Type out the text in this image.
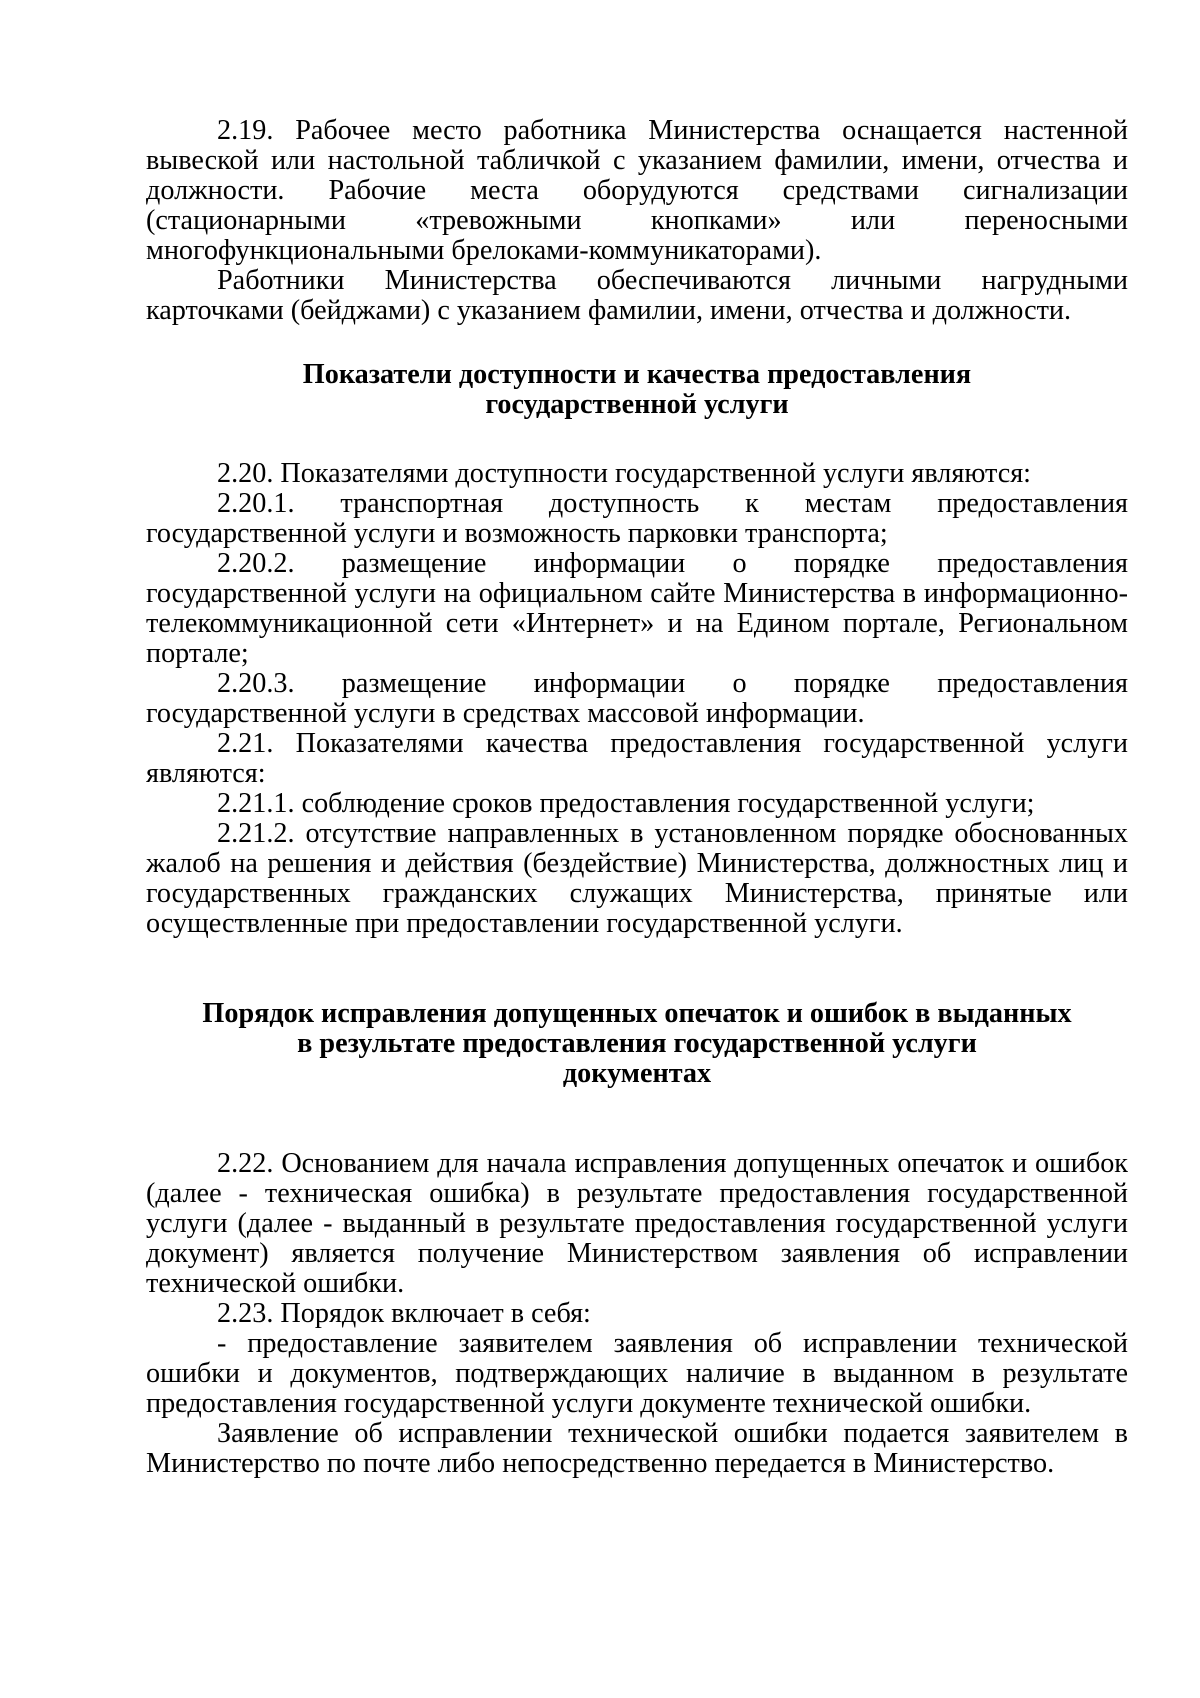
2.19. Рабочее место работника Министерства оснащается настенной вывеской или настольной табличкой с указанием фамилии, имени, отчества и должности. Рабочие места оборудуются средствами сигнализации (стационарными «тревожными кнопками» или переносными многофункциональными брелоками-коммуникаторами).

Работники Министерства обеспечиваются личными нагрудными карточками (бейджами) с указанием фамилии, имени, отчества и должности.

Показатели доступности и качества предоставления
государственной услуги

2.20. Показателями доступности государственной услуги являются:

2.20.1. транспортная доступность к местам предоставления государственной услуги и возможность парковки транспорта;

2.20.2. размещение информации о порядке предоставления государственной услуги на официальном сайте Министерства в информационно-телекоммуникационной сети «Интернет» и на Едином портале, Региональном портале;

2.20.3. размещение информации о порядке предоставления государственной услуги в средствах массовой информации.

2.21. Показателями качества предоставления государственной услуги являются:

2.21.1. соблюдение сроков предоставления государственной услуги;

2.21.2. отсутствие направленных в установленном порядке обоснованных жалоб на решения и действия (бездействие) Министерства, должностных лиц и государственных гражданских служащих Министерства, принятые или осуществленные при предоставлении государственной услуги.

Порядок исправления допущенных опечаток и ошибок в выданных
в результате предоставления государственной услуги
документах

2.22. Основанием для начала исправления допущенных опечаток и ошибок (далее - техническая ошибка) в результате предоставления государственной услуги (далее - выданный в результате предоставления государственной услуги документ) является получение Министерством заявления об исправлении технической ошибки.

2.23. Порядок включает в себя:

- предоставление заявителем заявления об исправлении технической ошибки и документов, подтверждающих наличие в выданном в результате предоставления государственной услуги документе технической ошибки.

Заявление об исправлении технической ошибки подается заявителем в Министерство по почте либо непосредственно передается в Министерство.
